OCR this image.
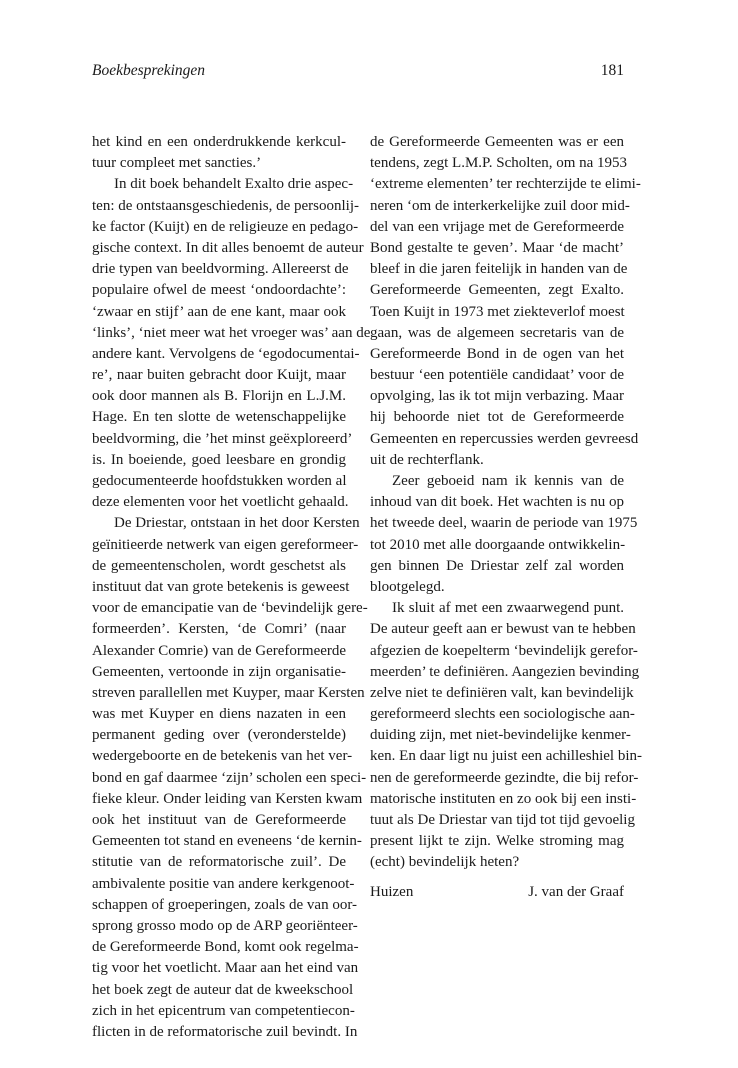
Boekbesprekingen	181
het kind en een onderdrukkende kerkcul-
tuur compleet met sancties.’
In dit boek behandelt Exalto drie aspec-
ten: de ontstaansgeschiedenis, de persoonlij-
ke factor (Kuijt) en de religieuze en pedago-
gische context. In dit alles benoemt de auteur
drie typen van beeldvorming. Allereerst de
populaire ofwel de meest ‘ondoordachte’:
‘zwaar en stijf’ aan de ene kant, maar ook
‘links’, ‘niet meer wat het vroeger was’ aan de
andere kant. Vervolgens de ‘egodocumentai-
re’, naar buiten gebracht door Kuijt, maar
ook door mannen als B. Florijn en L.J.M.
Hage. En ten slotte de wetenschappelijke
beeldvorming, die ’het minst geëxploreerd’
is. In boeiende, goed leesbare en grondig
gedocumenteerde hoofdstukken worden al
deze elementen voor het voetlicht gehaald.
De Driestar, ontstaan in het door Kersten
geïnitieerde netwerk van eigen gereformeer-
de gemeentenscholen, wordt geschetst als
instituut dat van grote betekenis is geweest
voor de emancipatie van de ‘bevindelijk gere-
formeerden’. Kersten, ‘de Comri’ (naar
Alexander Comrie) van de Gereformeerde
Gemeenten, vertoonde in zijn organisatie-
streven parallellen met Kuyper, maar Kersten
was met Kuyper en diens nazaten in een
permanent geding over (veronderstelde)
wedergeboorte en de betekenis van het ver-
bond en gaf daarmee ‘zijn’ scholen een speci-
fieke kleur. Onder leiding van Kersten kwam
ook het instituut van de Gereformeerde
Gemeenten tot stand en eveneens ‘de kernin-
stitutie van de reformatorische zuil’. De
ambivalente positie van andere kerkgenoot-
schappen of groeperingen, zoals de van oor-
sprong grosso modo op de ARP georiënteer-
de Gereformeerde Bond, komt ook regelma-
tig voor het voetlicht. Maar aan het eind van
het boek zegt de auteur dat de kweekschool
zich in het epicentrum van competentiecon-
flicten in de reformatorische zuil bevindt. In
de Gereformeerde Gemeenten was er een
tendens, zegt L.M.P. Scholten, om na 1953
‘extreme elementen’ ter rechterzijde te elimi-
neren ‘om de interkerkelijke zuil door mid-
del van een vrijage met de Gereformeerde
Bond gestalte te geven’. Maar ‘de macht’
bleef in die jaren feitelijk in handen van de
Gereformeerde Gemeenten, zegt Exalto.
Toen Kuijt in 1973 met ziekteverlof moest
gaan, was de algemeen secretaris van de
Gereformeerde Bond in de ogen van het
bestuur ‘een potentiële candidaat’ voor de
opvolging, las ik tot mijn verbazing. Maar
hij behoorde niet tot de Gereformeerde
Gemeenten en repercussies werden gevreesd
uit de rechterflank.
Zeer geboeid nam ik kennis van de
inhoud van dit boek. Het wachten is nu op
het tweede deel, waarin de periode van 1975
tot 2010 met alle doorgaande ontwikkelin-
gen binnen De Driestar zelf zal worden
blootgelegd.
Ik sluit af met een zwaarwegend punt.
De auteur geeft aan er bewust van te hebben
afgezien de koepelterm ‘bevindelijk gerefor-
meerden’ te definiëren. Aangezien bevinding
zelve niet te definiëren valt, kan bevindelijk
gereformeerd slechts een sociologische aan-
duiding zijn, met niet-bevindelijke kenmer-
ken. En daar ligt nu juist een achilleshiel bin-
nen de gereformeerde gezindte, die bij refor-
matorische instituten en zo ook bij een insti-
tuut als De Driestar van tijd tot tijd gevoelig
present lijkt te zijn. Welke stroming mag
(echt) bevindelijk heten?
Huizen	J. van der Graaf
